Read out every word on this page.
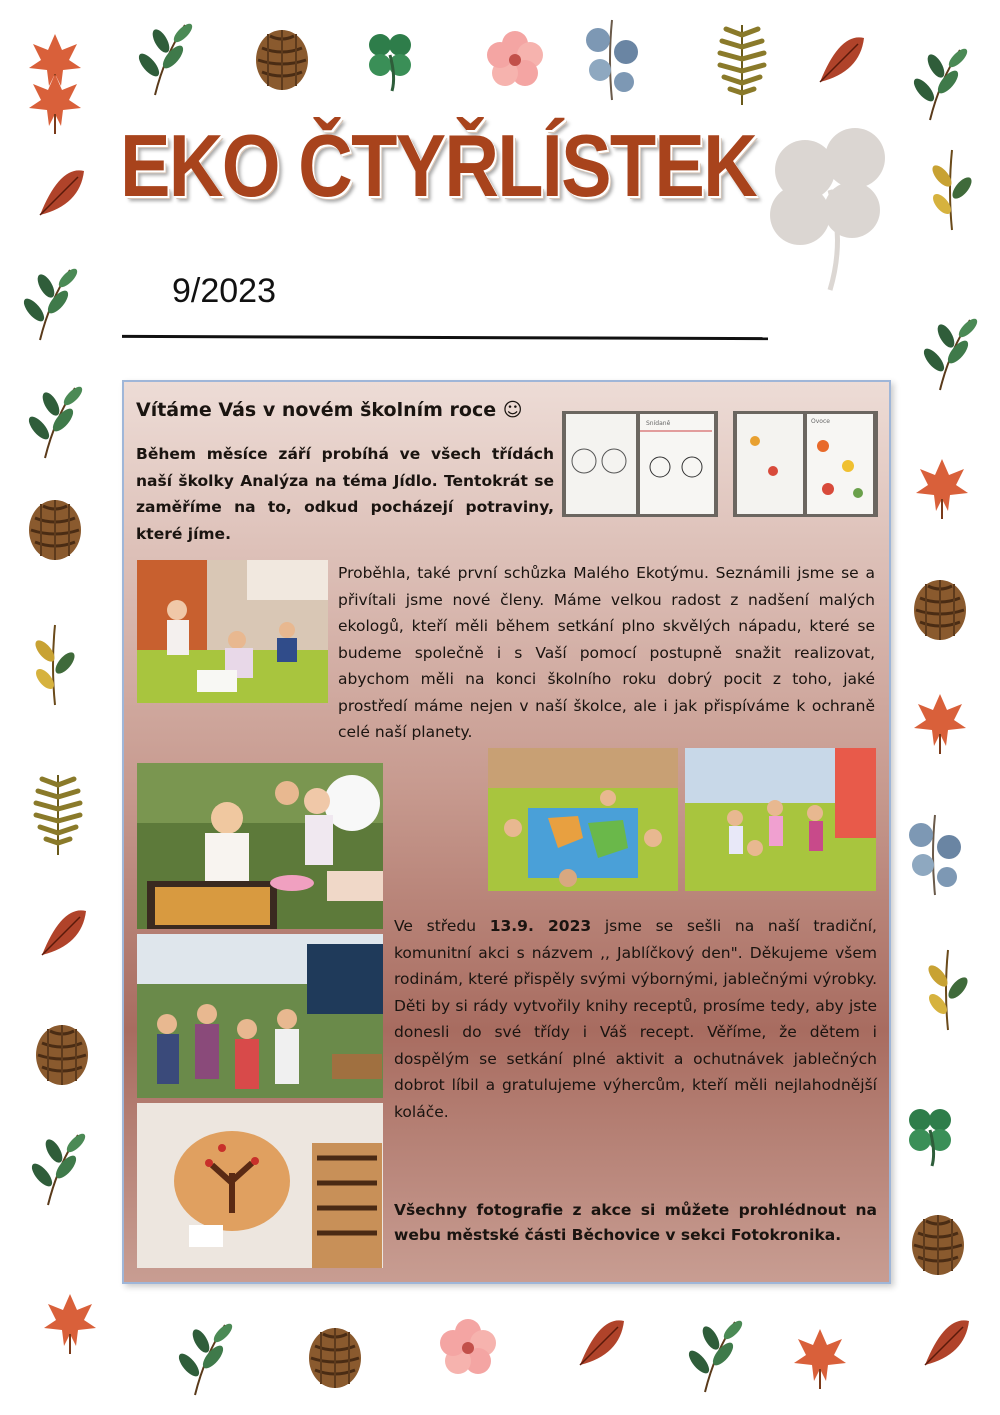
EKO ČTYŘLÍSTEK
9/2023
Vítáme Vás v novém školním roce ☺
Během měsíce září probíhá ve všech třídách naší školky Analýza na téma Jídlo. Tentokrát se zaměříme na to, odkud pocházejí potraviny, které jíme.
Snídaně	Ovoce
Proběhla, také první schůzka Malého Ekotýmu. Seznámili jsme se a přivítali jsme nové členy. Máme velkou radost z nadšení malých ekologů, kteří měli během setkání plno skvělých nápadu, které se budeme společně i s Vaší pomocí postupně snažit realizovat, abychom měli na konci školního roku dobrý pocit z toho, jaké prostředí máme nejen v naší školce, ale i jak přispíváme k ochraně celé naší planety.
Ve středu 13.9. 2023 jsme se sešli na naší tradiční, komunitní akci s názvem ,, Jablíčkový den". Děkujeme všem rodinám, které přispěly svými výbornými, jablečnými výrobky. Děti by si rády vytvořily knihy receptů, prosíme tedy, aby jste donesli do své třídy i Váš recept. Věříme, že dětem i dospělým se setkání plné aktivit a ochutnávek jablečných dobrot líbil a gratulujeme výhercům, kteří měli nejlahodnější koláče.
Všechny fotografie z akce si můžete prohlédnout na webu městské části Běchovice v sekci Fotokronika.
